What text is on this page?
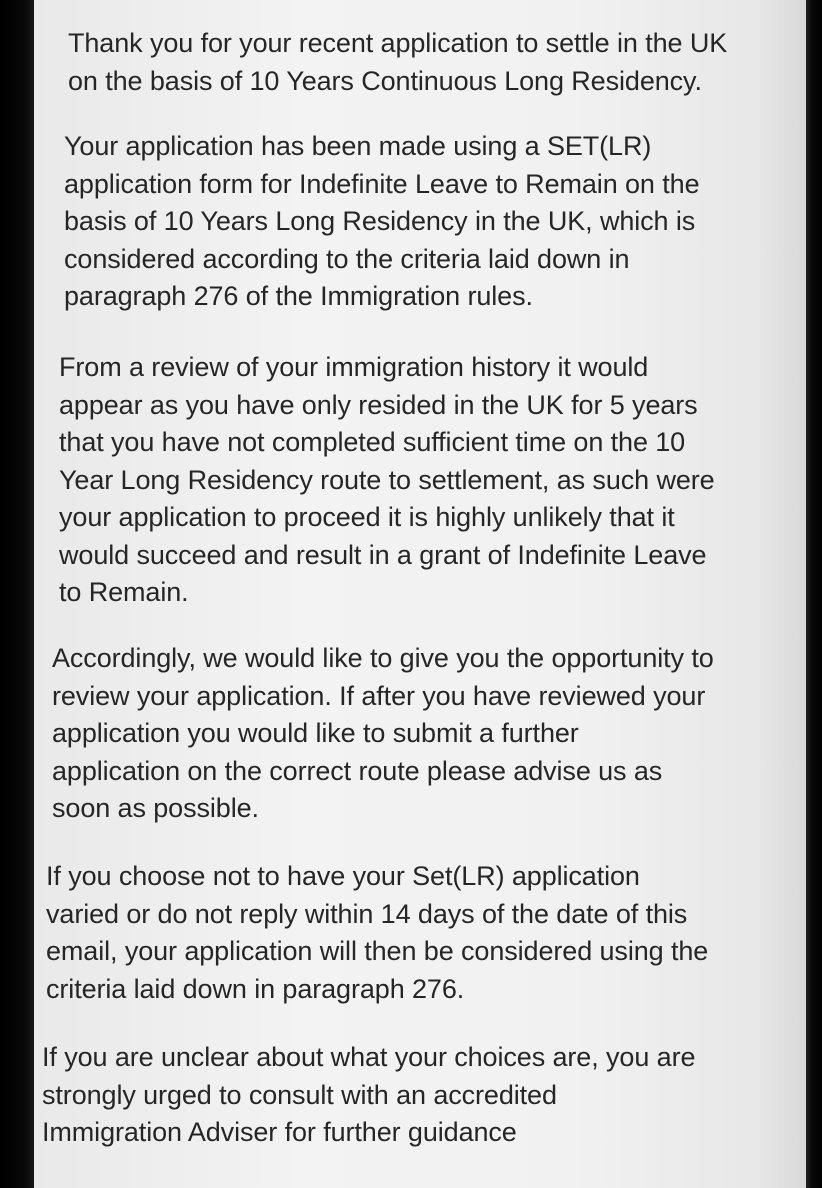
Thank you for your recent application to settle in the UK
on the basis of 10 Years Continuous Long Residency.

Your application has been made using a SET(LR)
application form for Indefinite Leave to Remain on the
basis of 10 Years Long Residency in the UK, which is
considered according to the criteria laid down in
paragraph 276 of the Immigration rules.

From a review of your immigration history it would
appear as you have only resided in the UK for 5 years
that you have not completed sufficient time on the 10
Year Long Residency route to settlement, as such were
your application to proceed it is highly unlikely that it
would succeed and result in a grant of Indefinite Leave
to Remain.

Accordingly, we would like to give you the opportunity to
review your application. If after you have reviewed your
application you would like to submit a further
application on the correct route please advise us as
soon as possible.

If you choose not to have your Set(LR) application
varied or do not reply within 14 days of the date of this
email, your application will then be considered using the
criteria laid down in paragraph 276.

If you are unclear about what your choices are, you are
strongly urged to consult with an accredited
Immigration Adviser for further guidance
